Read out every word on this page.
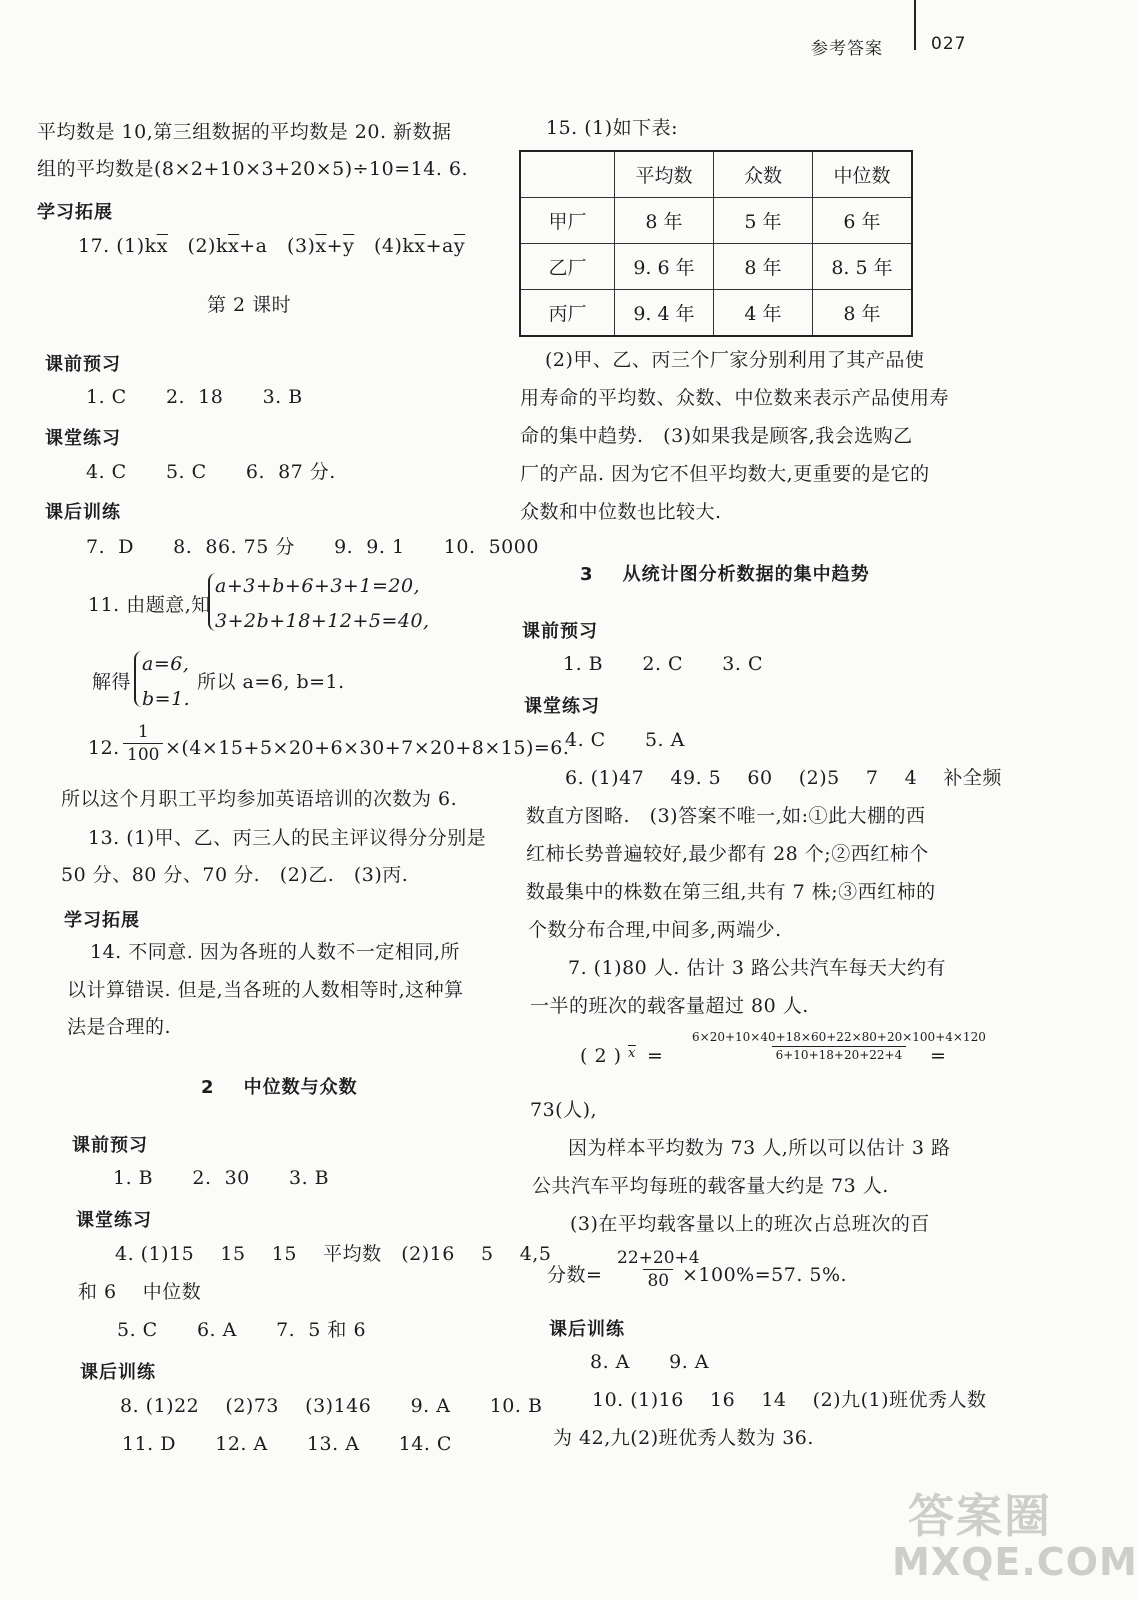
参考答案	027
平均数是 10,第三组数据的平均数是 20. 新数据
组的平均数是(8×2+10×3+20×5)÷10=14. 6.
学习拓展
17. $(1)k\overline{x}$   $(2)k\overline{x}+a$   $(3)\overline{x}+\overline{y}$   $(4)k\overline{x}+a\overline{y}$
第 2 课时
课前预习
1. C      2.  18      3. B
课堂练习
4. C      5. C      6.  87 分.
课后训练
7.  D      8.  86. 75 分      9.  9. 1      10.  5000
11. 由题意,知
a+3+b+6+3+1=20,
3+2b+18+12+5=40,
解得
a=6,
b=1.
所以 a=6, b=1.
12. $\frac{1}{100} \times(4\times 15+5\times 20+6\times 30+7\times 20+8\times 15)=6$.
所以这个月职工平均参加英语培训的次数为 6.
13. (1)甲、乙、丙三人的民主评议得分分别是
50 分、80 分、70 分.   (2)乙.   (3)丙.
学习拓展
14. 不同意. 因为各班的人数不一定相同,所
以计算错误. 但是,当各班的人数相等时,这种算
法是合理的.
2    中位数与众数
课前预习
1. B      2.  30      3. B
课堂练习
4. (1)15    15    15    平均数   (2)16    5    4,5
和 6    中位数
5. C      6. A      7.  5 和 6
课后训练
8. (1)22    (2)73    (3)146      9. A      10. B
11. D      12. A      13. A      14. C
15. (1)如下表:
	平均数	众数	中位数
甲厂	8 年	5 年	6 年
乙厂	9. 6 年	8 年	8. 5 年
丙厂	9. 4 年	4 年	8 年
(2)甲、乙、丙三个厂家分别利用了其产品使
用寿命的平均数、众数、中位数来表示产品使用寿
命的集中趋势.   (3)如果我是顾客,我会选购乙
厂的产品. 因为它不但平均数大,更重要的是它的
众数和中位数也比较大.
3    从统计图分析数据的集中趋势
课前预习
1. B      2. C      3. C
课堂练习
4. C      5. A
6. (1)47    49. 5    60    (2)5    7    4    补全频
数直方图略.   (3)答案不唯一,如:①此大棚的西
红柿长势普遍较好,最少都有 28 个;②西红柿个
数最集中的株数在第三组,共有 7 株;③西红柿的
个数分布合理,中间多,两端少.
7. (1)80 人. 估计 3 路公共汽车每天大约有
一半的班次的载客量超过 80 人.
( 2 ) $\overline{x} = \frac{6\times 20+10\times 40+18\times 60+22\times 80+20\times 100+4\times 120}{6+10+18+20+22+4}$
=
73(人),
因为样本平均数为 73 人,所以可以估计 3 路
公共汽车平均每班的载客量大约是 73 人.
(3)在平均载客量以上的班次占总班次的百
分数= $\frac{22+20+4}{80}$
×100%=57. 5%.
课后训练
8. A      9. A
10. (1)16    16    14    (2)九(1)班优秀人数
为 42,九(2)班优秀人数为 36.
答案圈
MXQE.COM
